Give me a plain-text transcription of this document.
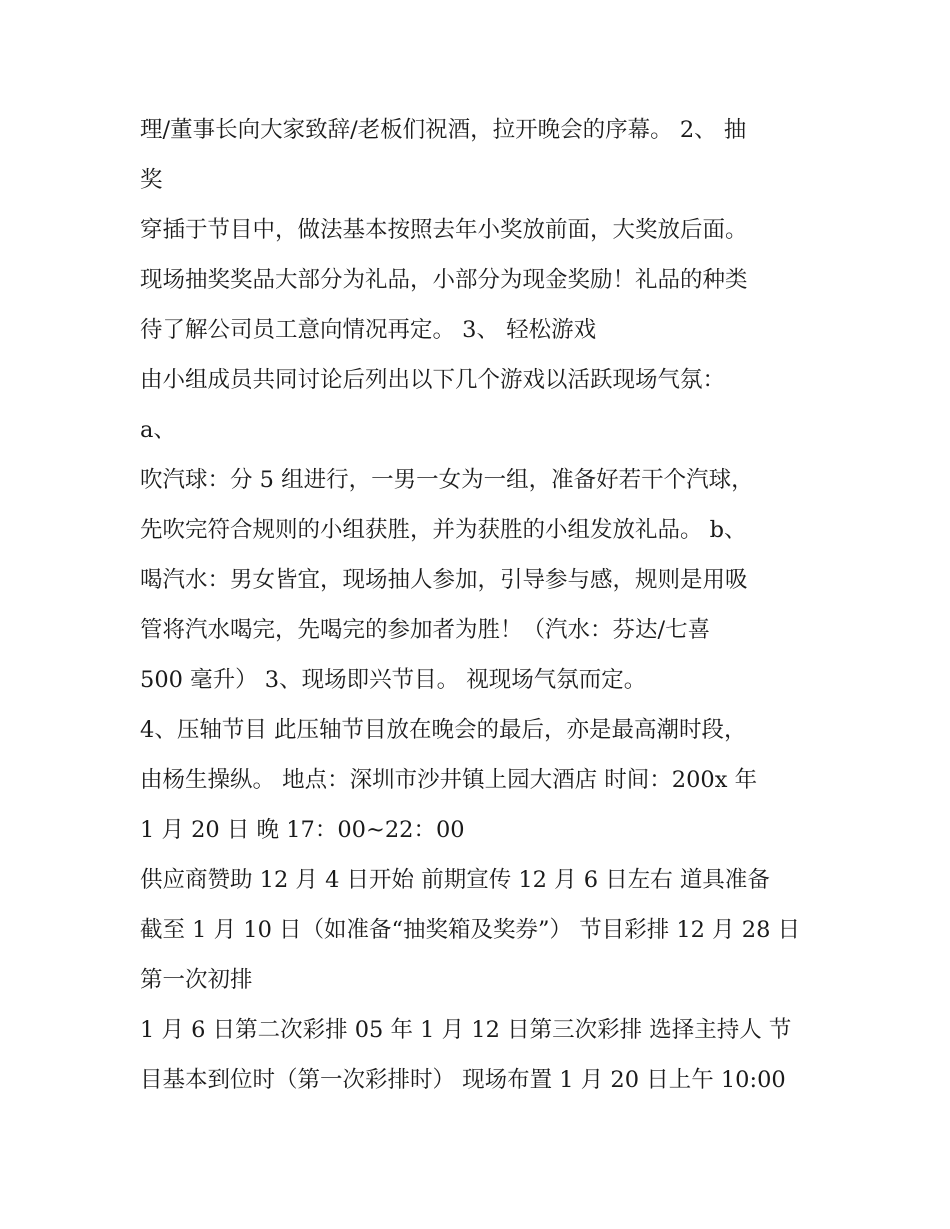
理/董事长向大家致辞/老板们祝酒，拉开晚会的序幕。 2、 抽
奖
穿插于节目中，做法基本按照去年小奖放前面，大奖放后面。
现场抽奖奖品大部分为礼品，小部分为现金奖励！礼品的种类
待了解公司员工意向情况再定。 3、 轻松游戏
由小组成员共同讨论后列出以下几个游戏以活跃现场气氛：
a、
吹汽球：分 5 组进行，一男一女为一组，准备好若干个汽球，
先吹完符合规则的小组获胜，并为获胜的小组发放礼品。 b、
喝汽水：男女皆宜，现场抽人参加，引导参与感，规则是用吸
管将汽水喝完，先喝完的参加者为胜！（汽水：芬达/七喜
500 毫升） 3、现场即兴节目。 视现场气氛而定。
4、压轴节目 此压轴节目放在晚会的最后，亦是最高潮时段，
由杨生操纵。 地点：深圳市沙井镇上园大酒店 时间：200x 年
1 月 20 日 晚 17：00~22：00
供应商赞助 12 月 4 日开始 前期宣传 12 月 6 日左右 道具准备
截至 1 月 10 日（如准备“抽奖箱及奖券”） 节目彩排 12 月 28 日
第一次初排
1 月 6 日第二次彩排 05 年 1 月 12 日第三次彩排 选择主持人 节
目基本到位时（第一次彩排时） 现场布置 1 月 20 日上午 10:00
